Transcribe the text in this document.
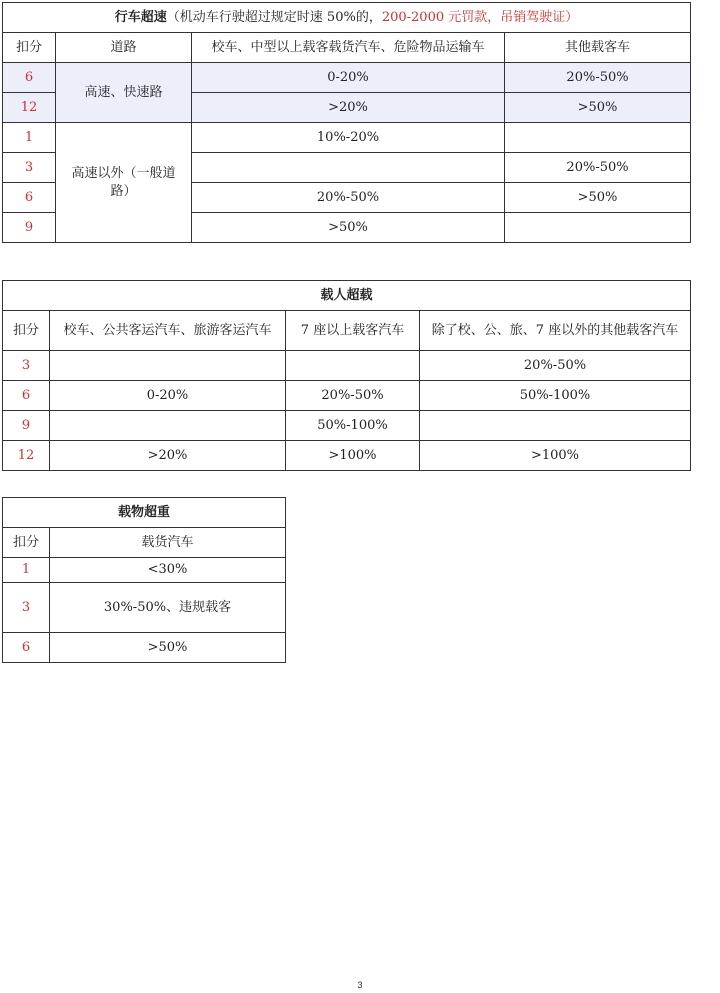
行车超速（机动车行驶超过规定时速 50%的，200-2000 元罚款，吊销驾驶证）			
扣分	道路	校车、中型以上载客载货汽车、危险物品运输车	其他载客车
6	高速、快速路	0-20%	20%-50%
12		>20%	>50%
1	高速以外（一般道路）	10%-20%	
3			20%-50%
6		20%-50%	>50%
9		>50%	
载人超载			
扣分	校车、公共客运汽车、旅游客运汽车	7 座以上载客汽车	除了校、公、旅、7 座以外的其他载客汽车
3			20%-50%
6	0-20%	20%-50%	50%-100%
9		50%-100%	
12	>20%	>100%	>100%
载物超重	
扣分	载货汽车
1	<30%
3	30%-50%、违规载客
6	>50%
3
